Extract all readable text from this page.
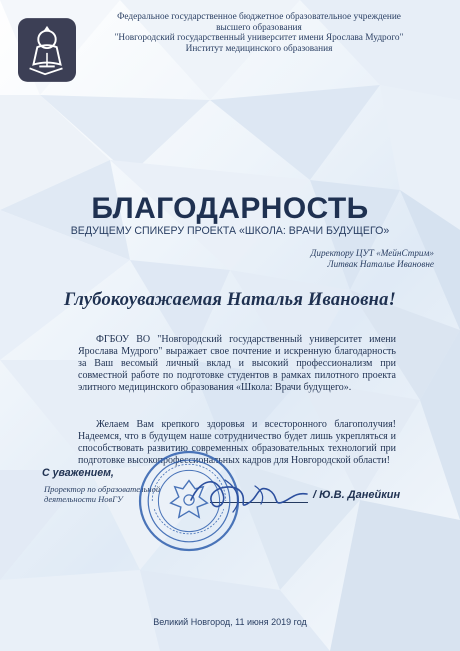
Федеральное государственное бюджетное образовательное учреждение
высшего образования
"Новгородский государственный университет имени Ярослава Мудрого"
Институт медицинского образования
БЛАГОДАРНОСТЬ
ВЕДУЩЕМУ СПИКЕРУ ПРОЕКТА «ШКОЛА: ВРАЧИ БУДУЩЕГО»
Директору ЦУТ «МейнСтрим»
Литвак Наталье Ивановне
Глубокоуважаемая Наталья Ивановна!
ФГБОУ ВО "Новгородский государственный университет имени Ярослава Мудрого" выражает свое почтение и искренную благодарность за Ваш весомый личный вклад и высокий профессионализм при совместной работе по подготовке студентов в рамках пилотного проекта элитного медицинского образования «Школа: Врачи будущего».
Желаем Вам крепкого здоровья и всесторонного благополучия! Надеемся, что в будущем наше сотрудничество будет лишь укрепляться и способствовать развитию современных образовательных технологий при подготовке высокопрофессиональных кадров для Новгородской области!
С уважением,
Проректор по образовательной
деятельности НовГУ	/ Ю.В. Данейкин
Великий Новгород, 11 июня 2019 год
